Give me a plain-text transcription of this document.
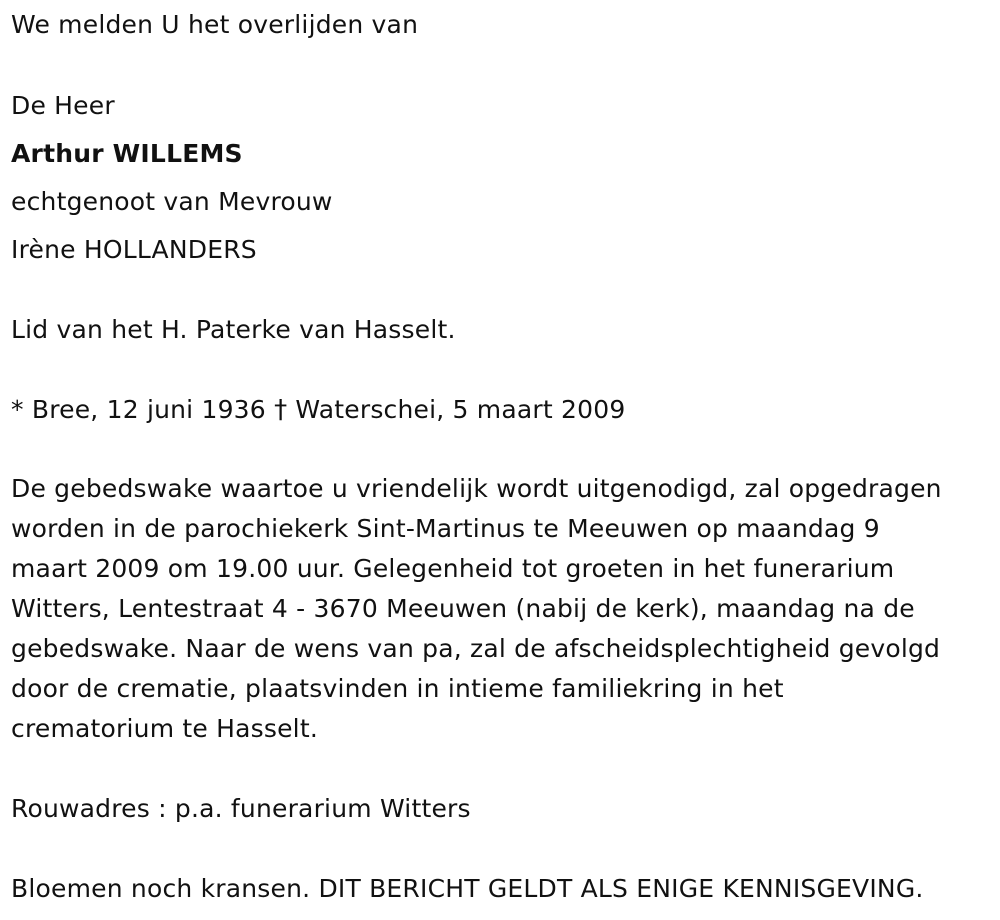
We melden U het overlijden van
De Heer
Arthur WILLEMS
echtgenoot van Mevrouw
Irène HOLLANDERS
Lid van het H. Paterke van Hasselt.
* Bree, 12 juni 1936 † Waterschei, 5 maart 2009
De gebedswake waartoe u vriendelijk wordt uitgenodigd, zal opgedragen
worden in de parochiekerk Sint-Martinus te Meeuwen op maandag 9
maart 2009 om 19.00 uur. Gelegenheid tot groeten in het funerarium
Witters, Lentestraat 4 - 3670 Meeuwen (nabij de kerk), maandag na de
gebedswake. Naar de wens van pa, zal de afscheidsplechtigheid gevolgd
door de crematie, plaatsvinden in intieme familiekring in het
crematorium te Hasselt.
Rouwadres : p.a. funerarium Witters
Bloemen noch kransen. DIT BERICHT GELDT ALS ENIGE KENNISGEVING.
